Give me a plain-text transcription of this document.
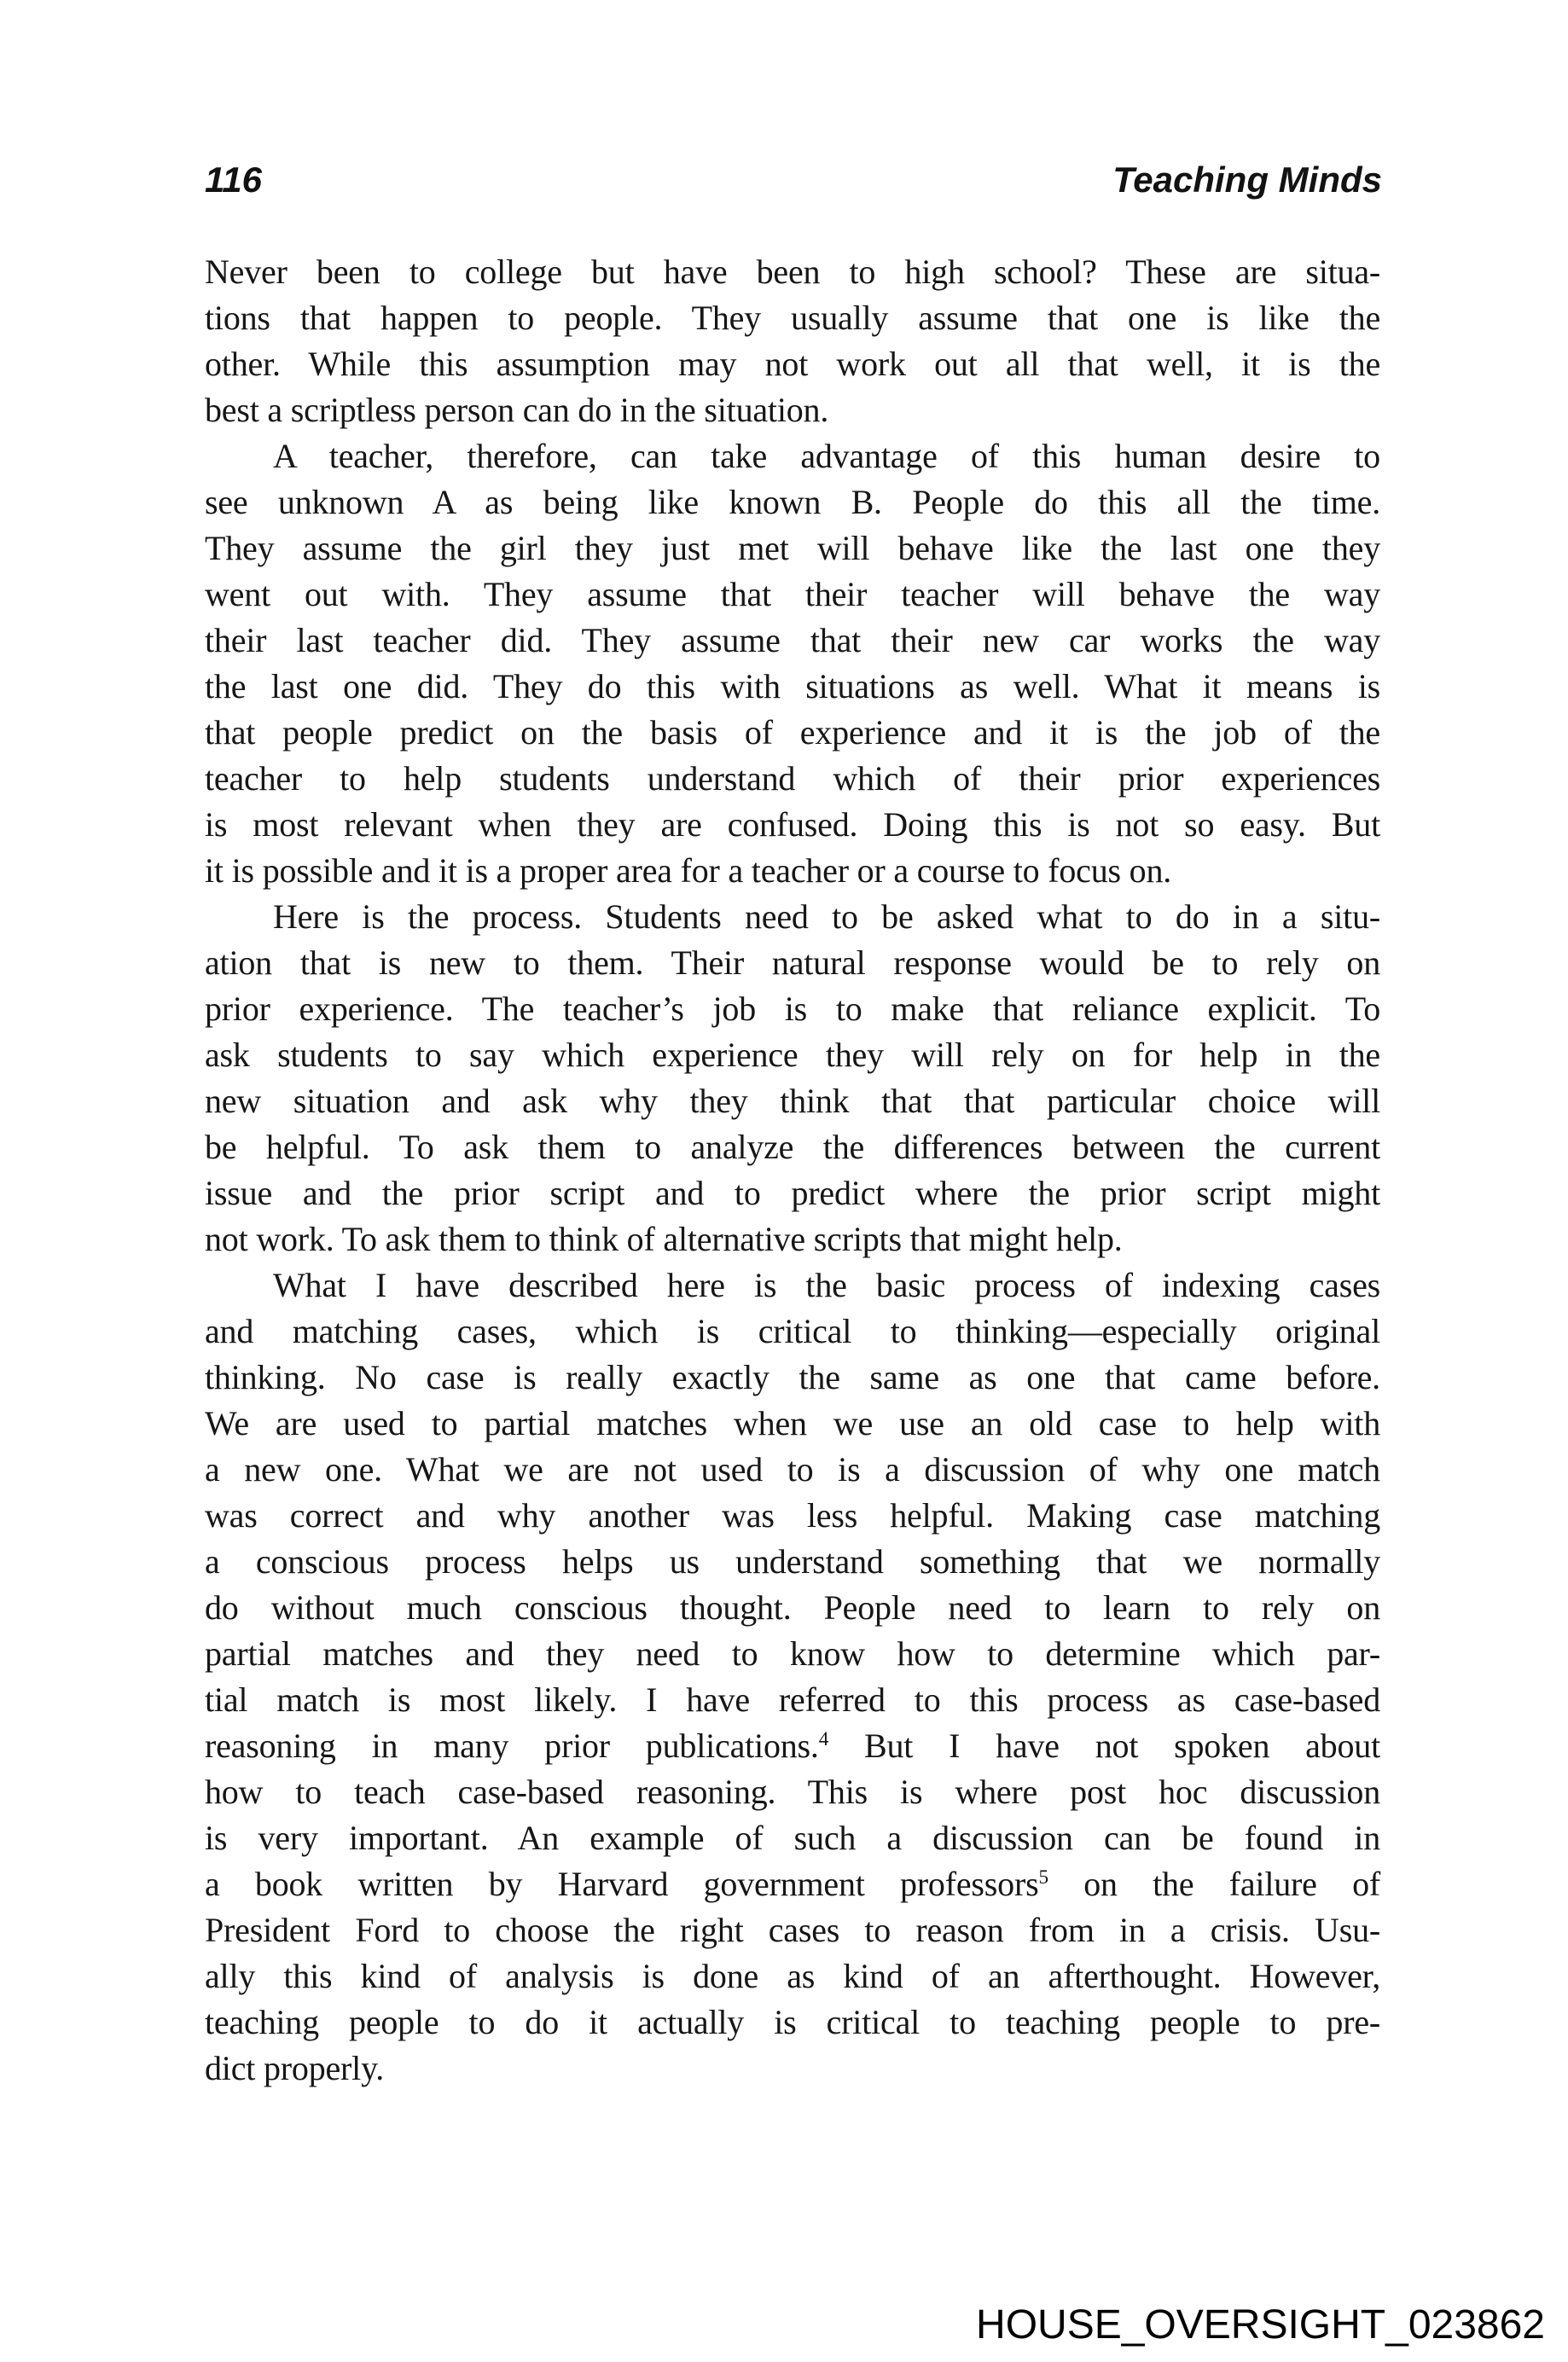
116	Teaching Minds
Never been to college but have been to high school? These are situa-
tions that happen to people. They usually assume that one is like the
other. While this assumption may not work out all that well, it is the
best a scriptless person can do in the situation.
A teacher, therefore, can take advantage of this human desire to
see unknown A as being like known B. People do this all the time.
They assume the girl they just met will behave like the last one they
went out with. They assume that their teacher will behave the way
their last teacher did. They assume that their new car works the way
the last one did. They do this with situations as well. What it means is
that people predict on the basis of experience and it is the job of the
teacher to help students understand which of their prior experiences
is most relevant when they are confused. Doing this is not so easy. But
it is possible and it is a proper area for a teacher or a course to focus on.
Here is the process. Students need to be asked what to do in a situ-
ation that is new to them. Their natural response would be to rely on
prior experience. The teacher’s job is to make that reliance explicit. To
ask students to say which experience they will rely on for help in the
new situation and ask why they think that that particular choice will
be helpful. To ask them to analyze the differences between the current
issue and the prior script and to predict where the prior script might
not work. To ask them to think of alternative scripts that might help.
What I have described here is the basic process of indexing cases
and matching cases, which is critical to thinking—especially original
thinking. No case is really exactly the same as one that came before.
We are used to partial matches when we use an old case to help with
a new one. What we are not used to is a discussion of why one match
was correct and why another was less helpful. Making case matching
a conscious process helps us understand something that we normally
do without much conscious thought. People need to learn to rely on
partial matches and they need to know how to determine which par-
tial match is most likely. I have referred to this process as case-based
reasoning in many prior publications.$^4$ But I have not spoken about
how to teach case-based reasoning. This is where post hoc discussion
is very important. An example of such a discussion can be found in
a book written by Harvard government professors$^5$ on the failure of
President Ford to choose the right cases to reason from in a crisis. Usu-
ally this kind of analysis is done as kind of an afterthought. However,
teaching people to do it actually is critical to teaching people to pre-
dict properly.
HOUSE_OVERSIGHT_023862
